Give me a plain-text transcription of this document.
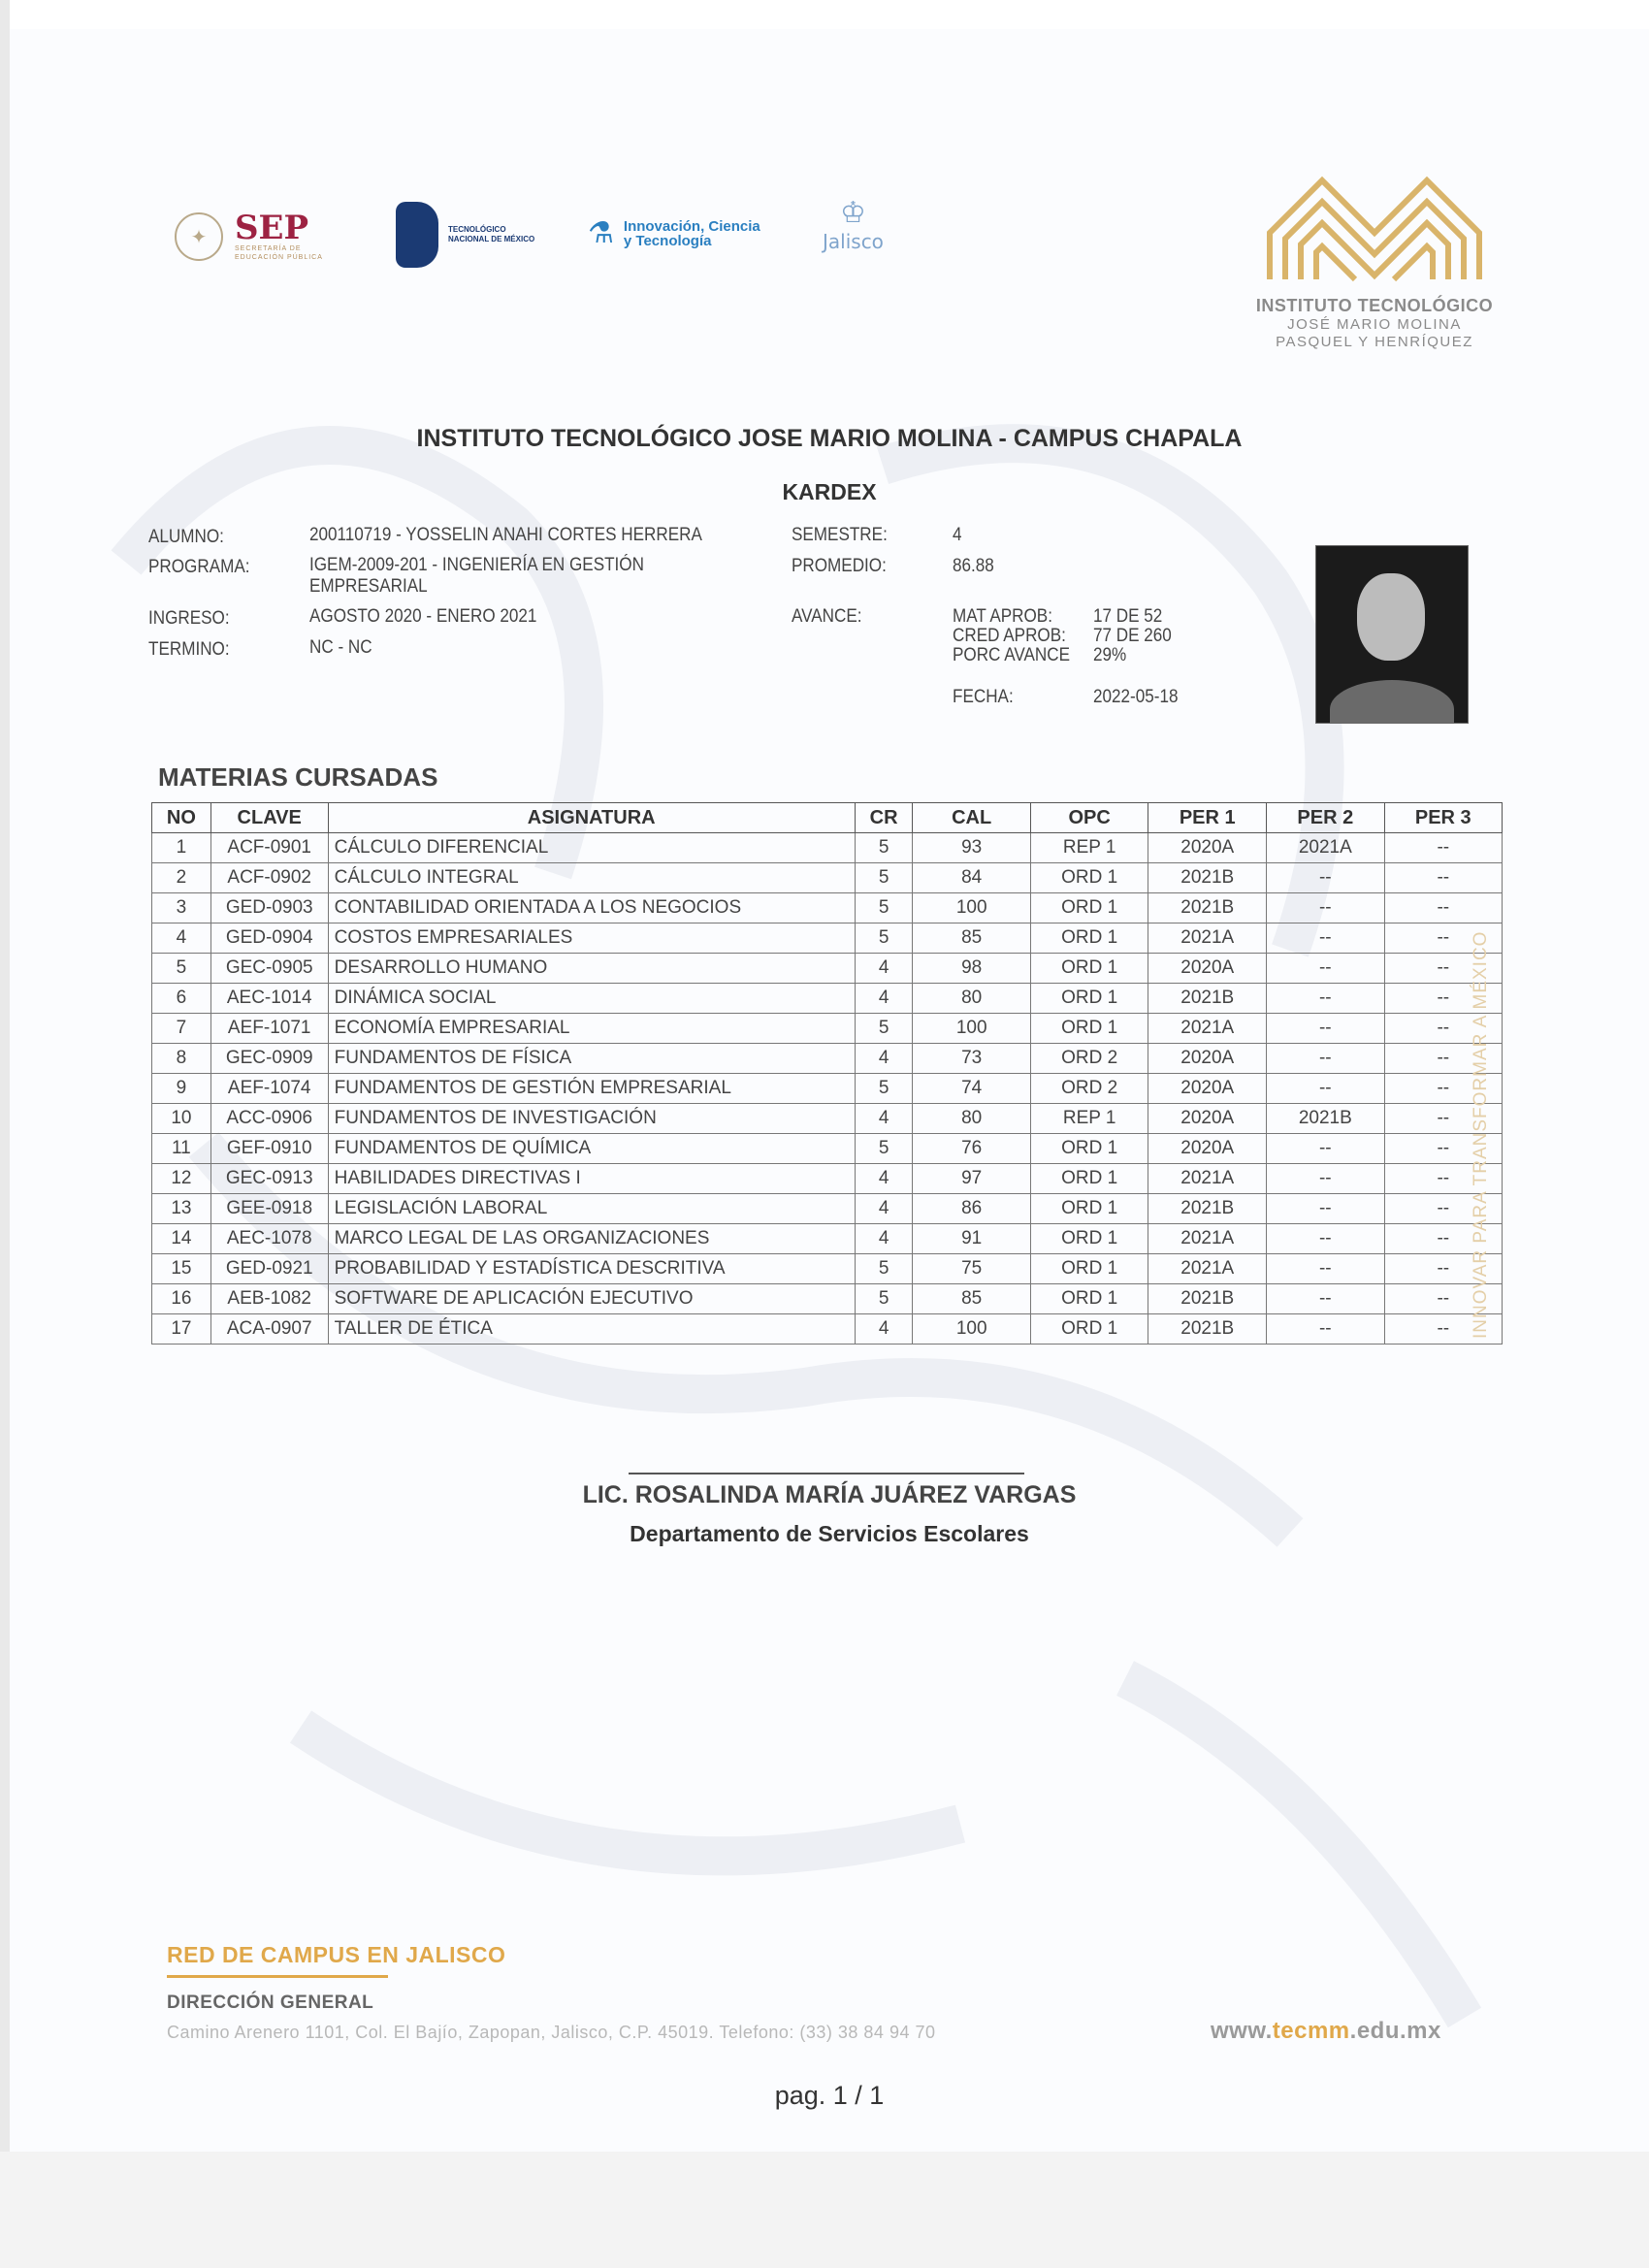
✦ SEP
SECRETARÍA DE
EDUCACIÓN PÚBLICA
TECNOLÓGICO
NACIONAL DE MÉXICO ⚗ Innovación, Ciencia
y Tecnología
♔
Jalisco
INSTITUTO TECNOLÓGICO
JOSÉ MARIO MOLINA
PASQUEL Y HENRÍQUEZ
INSTITUTO TECNOLÓGICO JOSE MARIO MOLINA - CAMPUS CHAPALA
KARDEX
ALUMNO:	200110719 - YOSSELIN ANAHI CORTES HERRERA
PROGRAMA:	IGEM-2009-201 - INGENIERÍA EN GESTIÓN
EMPRESARIAL
INGRESO:	AGOSTO 2020 - ENERO 2021
TERMINO:	NC - NC
SEMESTRE:	4
PROMEDIO:	86.88
AVANCE:	MAT APROB: 17 DE 52
CRED APROB: 77 DE 260
PORC AVANCE 29%
FECHA:	2022-05-18
MATERIAS CURSADAS
NO	CLAVE	ASIGNATURA	CR	CAL	OPC	PER 1	PER 2	PER 3
1	ACF-0901	CÁLCULO DIFERENCIAL	5	93	REP 1	2020A	2021A	--
2	ACF-0902	CÁLCULO INTEGRAL	5	84	ORD 1	2021B	--	--
3	GED-0903	CONTABILIDAD ORIENTADA A LOS NEGOCIOS	5	100	ORD 1	2021B	--	--
4	GED-0904	COSTOS EMPRESARIALES	5	85	ORD 1	2021A	--	--
5	GEC-0905	DESARROLLO HUMANO	4	98	ORD 1	2020A	--	--
6	AEC-1014	DINÁMICA SOCIAL	4	80	ORD 1	2021B	--	--
7	AEF-1071	ECONOMÍA EMPRESARIAL	5	100	ORD 1	2021A	--	--
8	GEC-0909	FUNDAMENTOS DE FÍSICA	4	73	ORD 2	2020A	--	--
9	AEF-1074	FUNDAMENTOS DE GESTIÓN EMPRESARIAL	5	74	ORD 2	2020A	--	--
10	ACC-0906	FUNDAMENTOS DE INVESTIGACIÓN	4	80	REP 1	2020A	2021B	--
11	GEF-0910	FUNDAMENTOS DE QUÍMICA	5	76	ORD 1	2020A	--	--
12	GEC-0913	HABILIDADES DIRECTIVAS I	4	97	ORD 1	2021A	--	--
13	GEE-0918	LEGISLACIÓN LABORAL	4	86	ORD 1	2021B	--	--
14	AEC-1078	MARCO LEGAL DE LAS ORGANIZACIONES	4	91	ORD 1	2021A	--	--
15	GED-0921	PROBABILIDAD Y ESTADÍSTICA DESCRITIVA	5	75	ORD 1	2021A	--	--
16	AEB-1082	SOFTWARE DE APLICACIÓN EJECUTIVO	5	85	ORD 1	2021B	--	--
17	ACA-0907	TALLER DE ÉTICA	4	100	ORD 1	2021B	--	-- INNOVAR PARA TRANSFORMAR A MÉXICO
LIC. ROSALINDA MARÍA JUÁREZ VARGAS
Departamento de Servicios Escolares
RED DE CAMPUS EN JALISCO
DIRECCIÓN GENERAL
Camino Arenero 1101, Col. El Bajío, Zapopan, Jalisco, C.P. 45019. Telefono: (33) 38 84 94 70	www.tecmm.edu.mx
pag. 1 / 1
